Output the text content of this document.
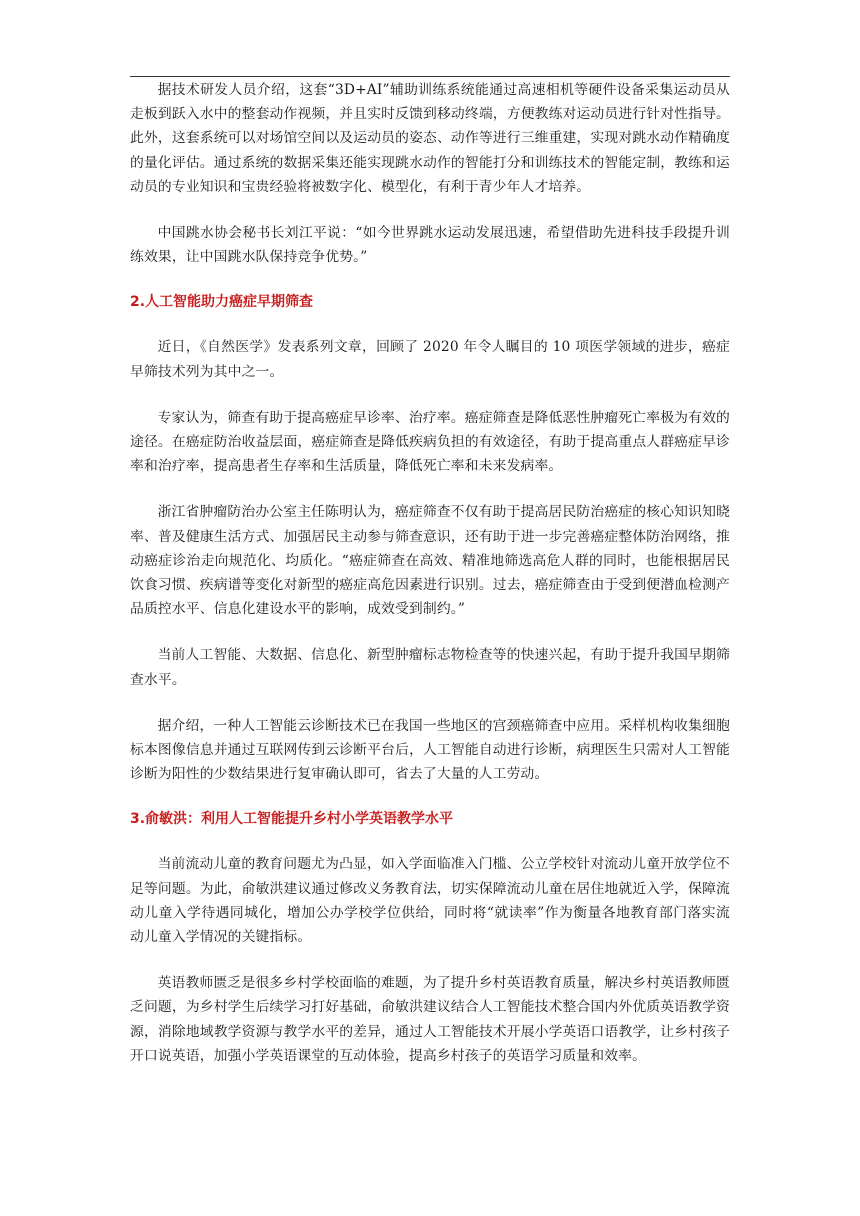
据技术研发人员介绍，这套“3D+AI”辅助训练系统能通过高速相机等硬件设备采集运动员从走板到跃入水中的整套动作视频，并且实时反馈到移动终端，方便教练对运动员进行针对性指导。此外，这套系统可以对场馆空间以及运动员的姿态、动作等进行三维重建，实现对跳水动作精确度的量化评估。通过系统的数据采集还能实现跳水动作的智能打分和训练技术的智能定制，教练和运动员的专业知识和宝贵经验将被数字化、模型化，有利于青少年人才培养。

中国跳水协会秘书长刘江平说：“如今世界跳水运动发展迅速，希望借助先进科技手段提升训练效果，让中国跳水队保持竞争优势。”

2.人工智能助力癌症早期筛查

近日，《自然医学》发表系列文章，回顾了 2020 年令人瞩目的 10 项医学领域的进步，癌症早筛技术列为其中之一。

专家认为，筛查有助于提高癌症早诊率、治疗率。癌症筛查是降低恶性肿瘤死亡率极为有效的途径。在癌症防治收益层面，癌症筛查是降低疾病负担的有效途径，有助于提高重点人群癌症早诊率和治疗率，提高患者生存率和生活质量，降低死亡率和未来发病率。

浙江省肿瘤防治办公室主任陈明认为，癌症筛查不仅有助于提高居民防治癌症的核心知识知晓率、普及健康生活方式、加强居民主动参与筛查意识，还有助于进一步完善癌症整体防治网络，推动癌症诊治走向规范化、均质化。“癌症筛查在高效、精准地筛选高危人群的同时，也能根据居民饮食习惯、疾病谱等变化对新型的癌症高危因素进行识别。过去，癌症筛查由于受到便潜血检测产品质控水平、信息化建设水平的影响，成效受到制约。”

当前人工智能、大数据、信息化、新型肿瘤标志物检查等的快速兴起，有助于提升我国早期筛查水平。

据介绍，一种人工智能云诊断技术已在我国一些地区的宫颈癌筛查中应用。采样机构收集细胞标本图像信息并通过互联网传到云诊断平台后，人工智能自动进行诊断，病理医生只需对人工智能诊断为阳性的少数结果进行复审确认即可，省去了大量的人工劳动。

3.俞敏洪：利用人工智能提升乡村小学英语教学水平

当前流动儿童的教育问题尤为凸显，如入学面临准入门槛、公立学校针对流动儿童开放学位不足等问题。为此，俞敏洪建议通过修改义务教育法，切实保障流动儿童在居住地就近入学，保障流动儿童入学待遇同城化，增加公办学校学位供给，同时将“就读率”作为衡量各地教育部门落实流动儿童入学情况的关键指标。

英语教师匮乏是很多乡村学校面临的难题，为了提升乡村英语教育质量，解决乡村英语教师匮乏问题，为乡村学生后续学习打好基础，俞敏洪建议结合人工智能技术整合国内外优质英语教学资源，消除地域教学资源与教学水平的差异，通过人工智能技术开展小学英语口语教学，让乡村孩子开口说英语，加强小学英语课堂的互动体验，提高乡村孩子的英语学习质量和效率。
